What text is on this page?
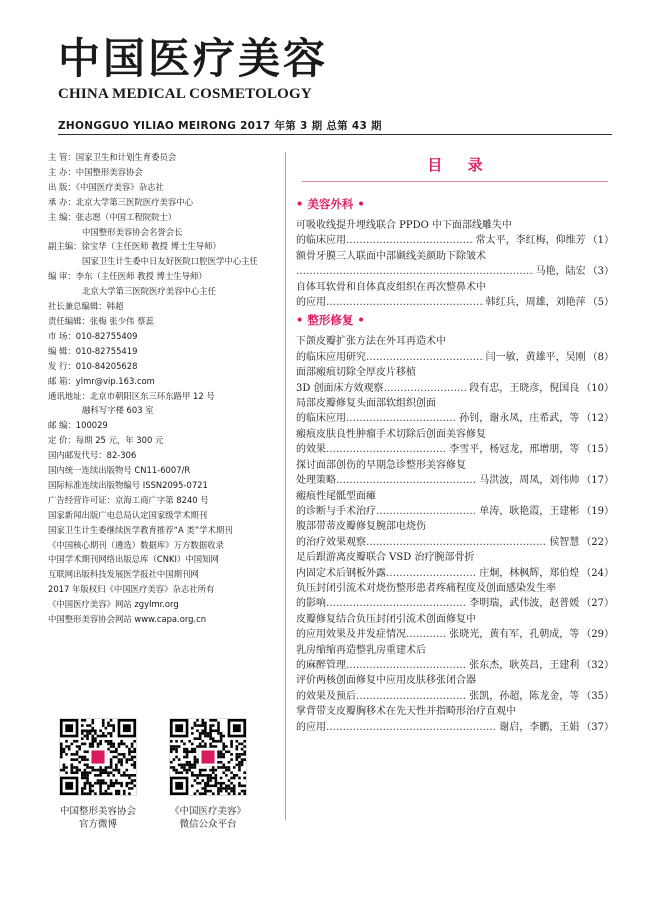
中国医疗美容
CHINA MEDICAL COSMETOLOGY
ZHONGGUO YILIAO MEIRONG 2017 年第 3 期 总第 43 期
主 管：国家卫生和计划生育委员会
主 办：中国整形美容协会
出 版：《中国医疗美容》杂志社
承 办：北京大学第三医院医疗美容中心
主 编：张志愿（中国工程院院士）
中国整形美容协会名誉会长
副主编：徐宝华（主任医师 教授 博士生导师）
国家卫生计生委中日友好医院口腔医学中心主任
编 审：李东（主任医师 教授 博士生导师）
北京大学第三医院医疗美容中心主任
社长兼总编辑：韩超
责任编辑：张梅 张少伟 蔡蕊
市 场：010-82755409
编 辑：010-82755419
发 行：010-84205628
邮 箱：ylmr@vip.163.com
通讯地址：北京市朝阳区东三环东路甲 12 号
融科写字楼 603 室
邮 编：100029
定 价：每期 25 元，年 300 元
国内邮发代号：82-306
国内统一连续出版物号 CN11-6007/R
国际标准连续出版物编号 ISSN2095-0721
广告经营许可证：京海工商广字第 8240 号
国家新闻出版广电总局认定国家级学术期刊
国家卫生计生委继续医学教育推荐“A 类”学术期刊
《中国核心期刊（遴选）数据库》万方数据收录
中国学术期刊网络出版总库（CNKI）中国知网
互联网出版科技发展医学报社中国期刊网
2017 年版权归《中国医疗美容》杂志社所有
《中国医疗美容》网站 zgylmr.org
中国整形美容协会网站 www.capa.org.cn
中国整形美容协会
官方微博
《中国医疗美容》
微信公众平台
目 录
• 美容外科 •
可吸收线提升埋线联合 PPDO 中下面部线雕失中
的临床应用 ……………………………………………………………………………………	常太平，李红梅，仰维芳 （1）
额骨牙膜三人联面中部颞线美颜助下除皱术
……………………………………………………………………………………
马艳，陆宏 （3）
自体耳软骨和自体真皮组织在再次整鼻术中
的应用 ……………………………………………………………………………………	韩红兵，周雄，刘艳萍 （5）
• 整形修复 •
下颌皮瓣扩张方法在外耳再造术中
的临床应用研究 ……………………………………………………………………………………	闫一敏，黄雄平，吴刚 （8）
面部瘢痕切除全厚皮片移植
3D 创面床方效观察 ……………………………………………………………………………………	段有忠，王晓彦，倪国良 （10）
局部皮瓣修复头面部软组织创面
的临床应用 ……………………………………………………………………………………	孙钊，谢永凤，庄希武，等 （12）
瘢痕皮肤良性肿瘤手术切除后创面美容修复
的效果 ……………………………………………………………………………………	李雪平，杨冠龙，邢增朋，等 （15）
探讨面部创伤的早期急诊整形美容修复
处理策略 ……………………………………………………………………………………	马洪波，周凤，刘伟帅 （17）
瘢痕性尾骶型面瘫
的诊断与手术治疗 ……………………………………………………………………………………	单涛，耿艳霞，王建彬 （19）
腹部带蒂皮瓣修复腕部电烧伤
的治疗效果观察 ……………………………………………………………………………………	侯智慧 （22）
足后跟游离皮瓣联合 VSD 治疗腕部骨折
内固定术后钢板外露 ……………………………………………………………………………………	庄炯，林枫辉，郑伯煌 （24）
负压封闭引流术对烧伤整形患者疼痛程度及创面感染发生率
的影响 ……………………………………………………………………………………	李明瑞，武伟波，赵普媛 （27）
皮瓣修复结合负压封闭引流术创面修复中
的应用效果及并发症情况 ……………………………………………………………………………………	张晓光，黄有军，孔朝成，等 （29）
乳房缩缩再造整乳房重建术后
的麻醉管理 ……………………………………………………………………………………	张东杰，耿英昌，王建利 （32）
评价两核创面修复中应用皮肤移张闭合器
的效果及预后 ……………………………………………………………………………………	张凯，孙超，陈龙金，等 （35）
掌背带支皮瓣胸移术在先天性并指畸形治疗直观中
的应用 ……………………………………………………………………………………	谢启，李鹏，王娟 （37）
